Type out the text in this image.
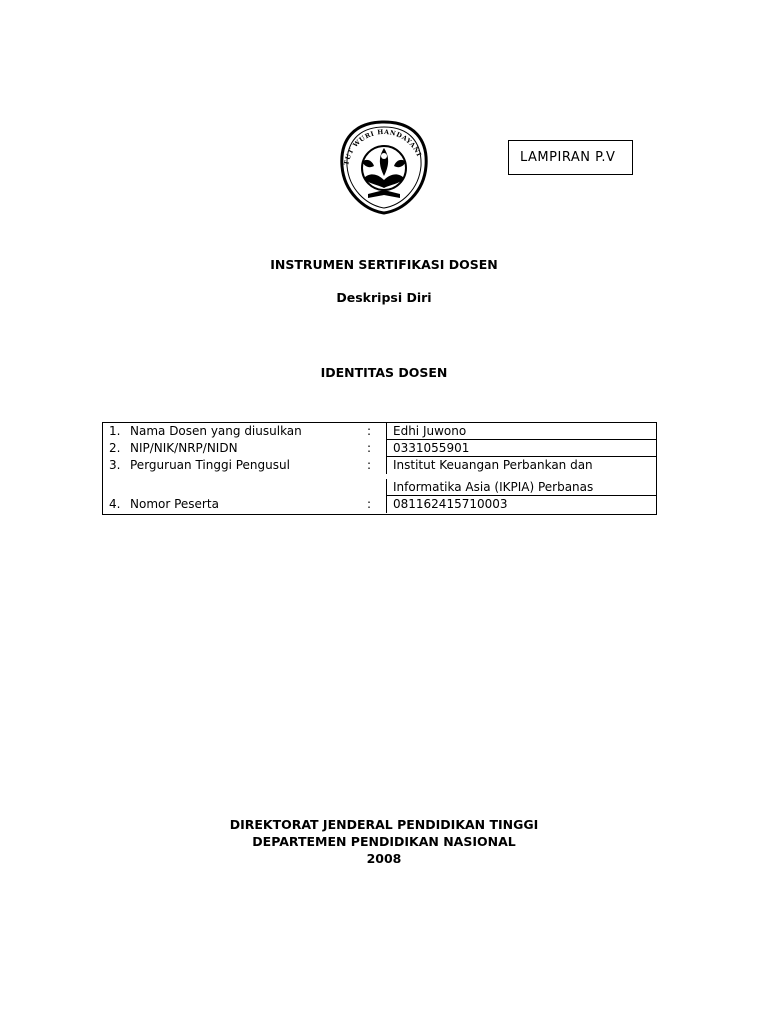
TUT WURI HANDAYANI	LAMPIRAN P.V
INSTRUMEN SERTIFIKASI DOSEN
Deskripsi Diri
IDENTITAS DOSEN
1. Nama Dosen yang diusulkan	:	Edhi Juwono
2. NIP/NIK/NRP/NIDN	:	0331055901
3. Perguruan Tinggi Pengusul	:	Institut Keuangan Perbankan dan
Informatika Asia (IKPIA) Perbanas
4. Nomor Peserta	:	081162415710003
DIREKTORAT JENDERAL PENDIDIKAN TINGGI
DEPARTEMEN PENDIDIKAN NASIONAL
2008
